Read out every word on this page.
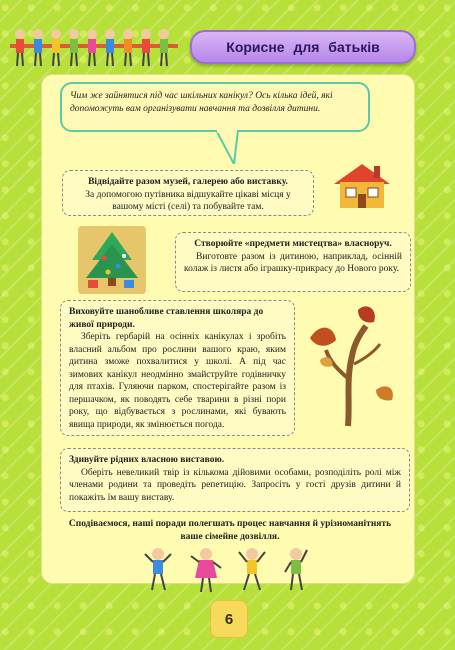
Корисне для батьків
Чим же зайнятися під час шкільних канікул? Ось кілька ідей, які допоможуть вам організувати навчання та дозвілля дитини.
Відвідайте разом музей, галерею або виставку.

За допомогою путівника відшукайте цікаві місця у вашому місті (селі) та побувайте там.

Створюйте «предмети мистецтва» власноруч.

Виготовте разом із дитиною, наприклад, осінній колаж із листя або іграшку-прикрасу до Нового року.

Виховуйте шанобливе ставлення школяра до живої природи.

Зберіть гербарій на осінніх канікулах і зробіть власний альбом про рослини вашого краю, яким дитина зможе похвалитися у школі. А під час зимових канікул неодмінно змайструйте годівничку для птахів. Гуляючи парком, спостерігайте разом із першачком, як поводять себе тварини в різні пори року, що відбувається з рослинами, які бувають явища природи, як змінюється погода.

Здивуйте рідних власною виставою.

Оберіть невеликий твір із кількома дійовими особами, розподіліть ролі між членами родини та проведіть репетицію. Запросіть у гості друзів дитини й покажіть їм вашу виставу.

Сподіваємося, наші поради полегшать процес навчання й урізноманітнять ваше сімейне дозвілля.
6
